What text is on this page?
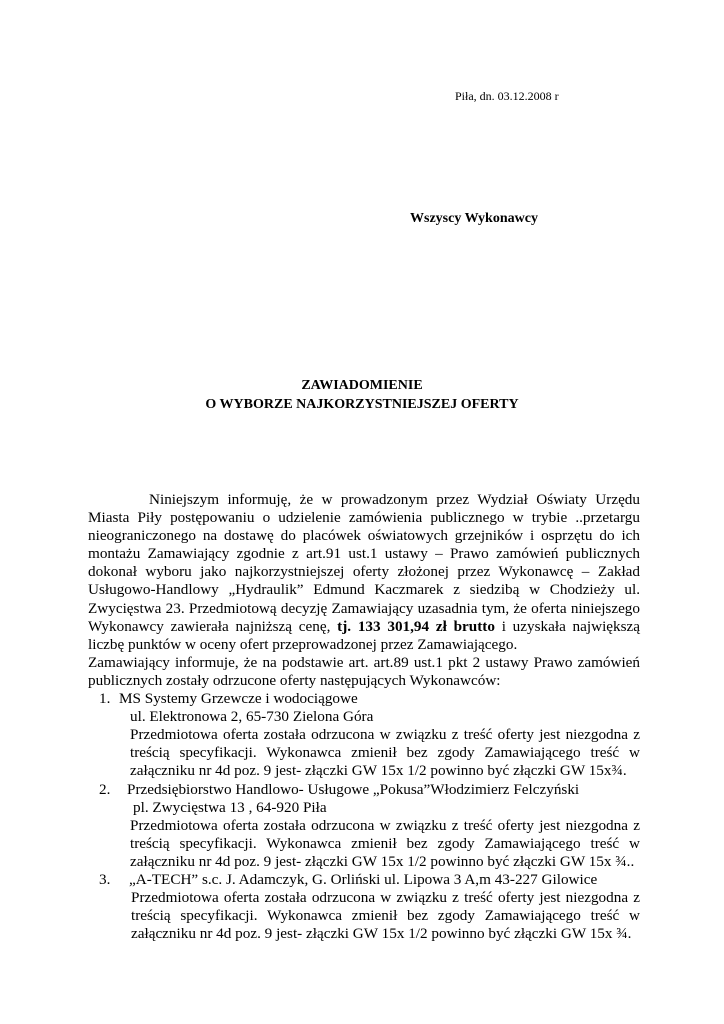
Piła, dn. 03.12.2008 r
Wszyscy Wykonawcy
ZAWIADOMIENIE
O WYBORZE NAJKORZYSTNIEJSZEJ OFERTY

Niniejszym informuję, że w prowadzonym przez Wydział Oświaty Urzędu Miasta Piły postępowaniu o udzielenie zamówienia publicznego w trybie ..przetargu nieograniczonego na dostawę do placówek oświatowych grzejników i osprzętu do ich montażu Zamawiający zgodnie z art.91 ust.1 ustawy – Prawo zamówień publicznych dokonał wyboru jako najkorzystniejszej oferty złożonej przez Wykonawcę – Zakład Usługowo-Handlowy „Hydraulik” Edmund Kaczmarek z siedzibą w Chodzieży ul. Zwycięstwa 23. Przedmiotową decyzję Zamawiający uzasadnia tym, że oferta niniejszego Wykonawcy zawierała najniższą cenę, tj. 133 301,94 zł brutto i uzyskała największą liczbę punktów w oceny ofert przeprowadzonej przez Zamawiającego.

Zamawiający informuje, że na podstawie art. art.89 ust.1 pkt 2 ustawy Prawo zamówień publicznych zostały odrzucone oferty następujących Wykonawców:

1. MS Systemy Grzewcze i wodociągowe
ul. Elektronowa 2, 65-730 Zielona Góra
Przedmiotowa oferta została odrzucona w związku z treść oferty jest niezgodna z treścią specyfikacji. Wykonawca zmienił bez zgody Zamawiającego treść w załączniku nr 4d poz. 9 jest- złączki GW 15x 1/2 powinno być złączki GW 15x¾.
2.	Przedsiębiorstwo Handlowo- Usługowe „Pokusa”Włodzimierz Felczyński
pl. Zwycięstwa 13 , 64-920 Piła
Przedmiotowa oferta została odrzucona w związku z treść oferty jest niezgodna z treścią specyfikacji. Wykonawca zmienił bez zgody Zamawiającego treść w załączniku nr 4d poz. 9 jest- złączki GW 15x 1/2 powinno być złączki GW 15x ¾..
3.	„A-TECH” s.c. J. Adamczyk, G. Orliński ul. Lipowa 3 A,m 43-227 Gilowice
Przedmiotowa oferta została odrzucona w związku z treść oferty jest niezgodna z treścią specyfikacji. Wykonawca zmienił bez zgody Zamawiającego treść w załączniku nr 4d poz. 9 jest- złączki GW 15x 1/2 powinno być złączki GW 15x ¾.
